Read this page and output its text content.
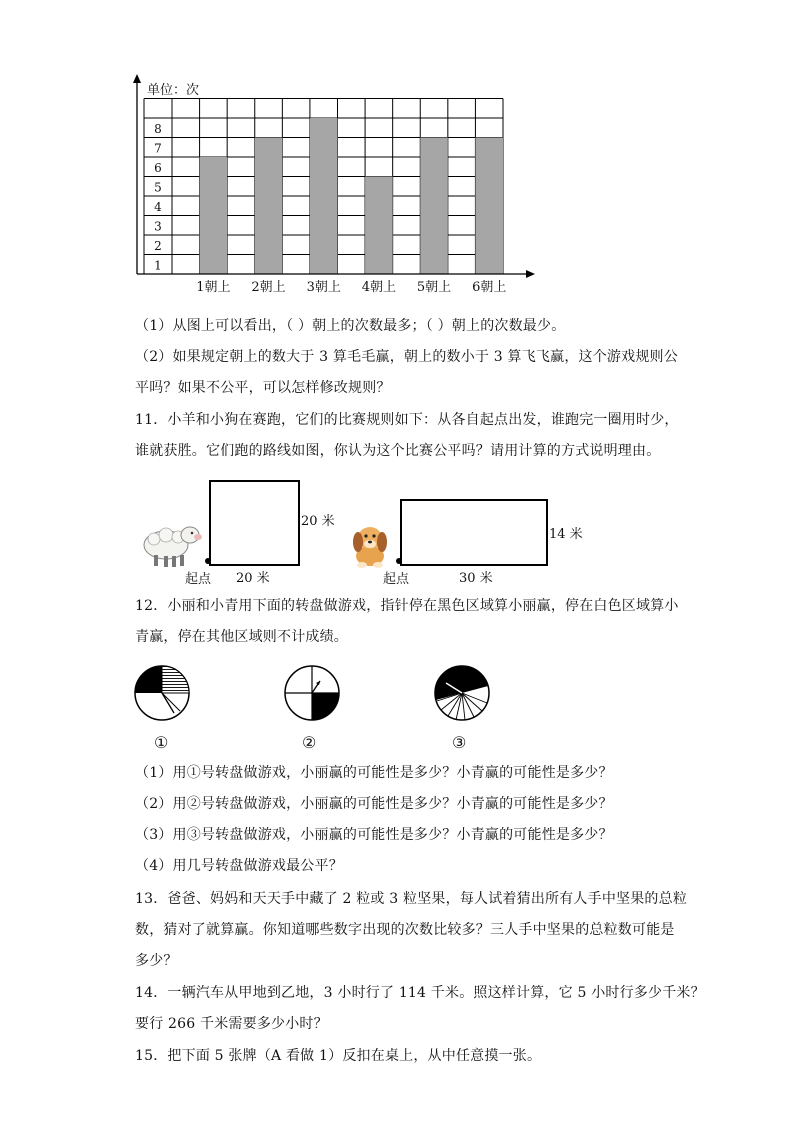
1朝上 2朝上 3朝上 4朝上 5朝上 6朝上
1
2
3
4
5
6
7
8
单位：次
（1）从图上可以看出，（ ）朝上的次数最多；（ ）朝上的次数最少。
（2）如果规定朝上的数大于 3 算毛毛赢，朝上的数小于 3 算飞飞赢，这个游戏规则公
平吗？如果不公平，可以怎样修改规则？
11．小羊和小狗在赛跑，它们的比赛规则如下：从各自起点出发，谁跑完一圈用时少，
谁就获胜。它们跑的路线如图，你认为这个比赛公平吗？请用计算的方式说明理由。
20 米
20 米
起点
14 米
30 米
起点
12．小丽和小青用下面的转盘做游戏，指针停在黑色区域算小丽赢，停在白色区域算小
青赢，停在其他区域则不计成绩。
①	②	③
（1）用①号转盘做游戏，小丽赢的可能性是多少？小青赢的可能性是多少？
（2）用②号转盘做游戏，小丽赢的可能性是多少？小青赢的可能性是多少？
（3）用③号转盘做游戏，小丽赢的可能性是多少？小青赢的可能性是多少？
（4）用几号转盘做游戏最公平？
13．爸爸、妈妈和天天手中藏了 2 粒或 3 粒坚果，每人试着猜出所有人手中坚果的总粒
数，猜对了就算赢。你知道哪些数字出现的次数比较多？三人手中坚果的总粒数可能是
多少？
14．一辆汽车从甲地到乙地，3 小时行了 114 千米。照这样计算，它 5 小时行多少千米？
要行 266 千米需要多少小时？
15．把下面 5 张牌（A 看做 1）反扣在桌上，从中任意摸一张。
